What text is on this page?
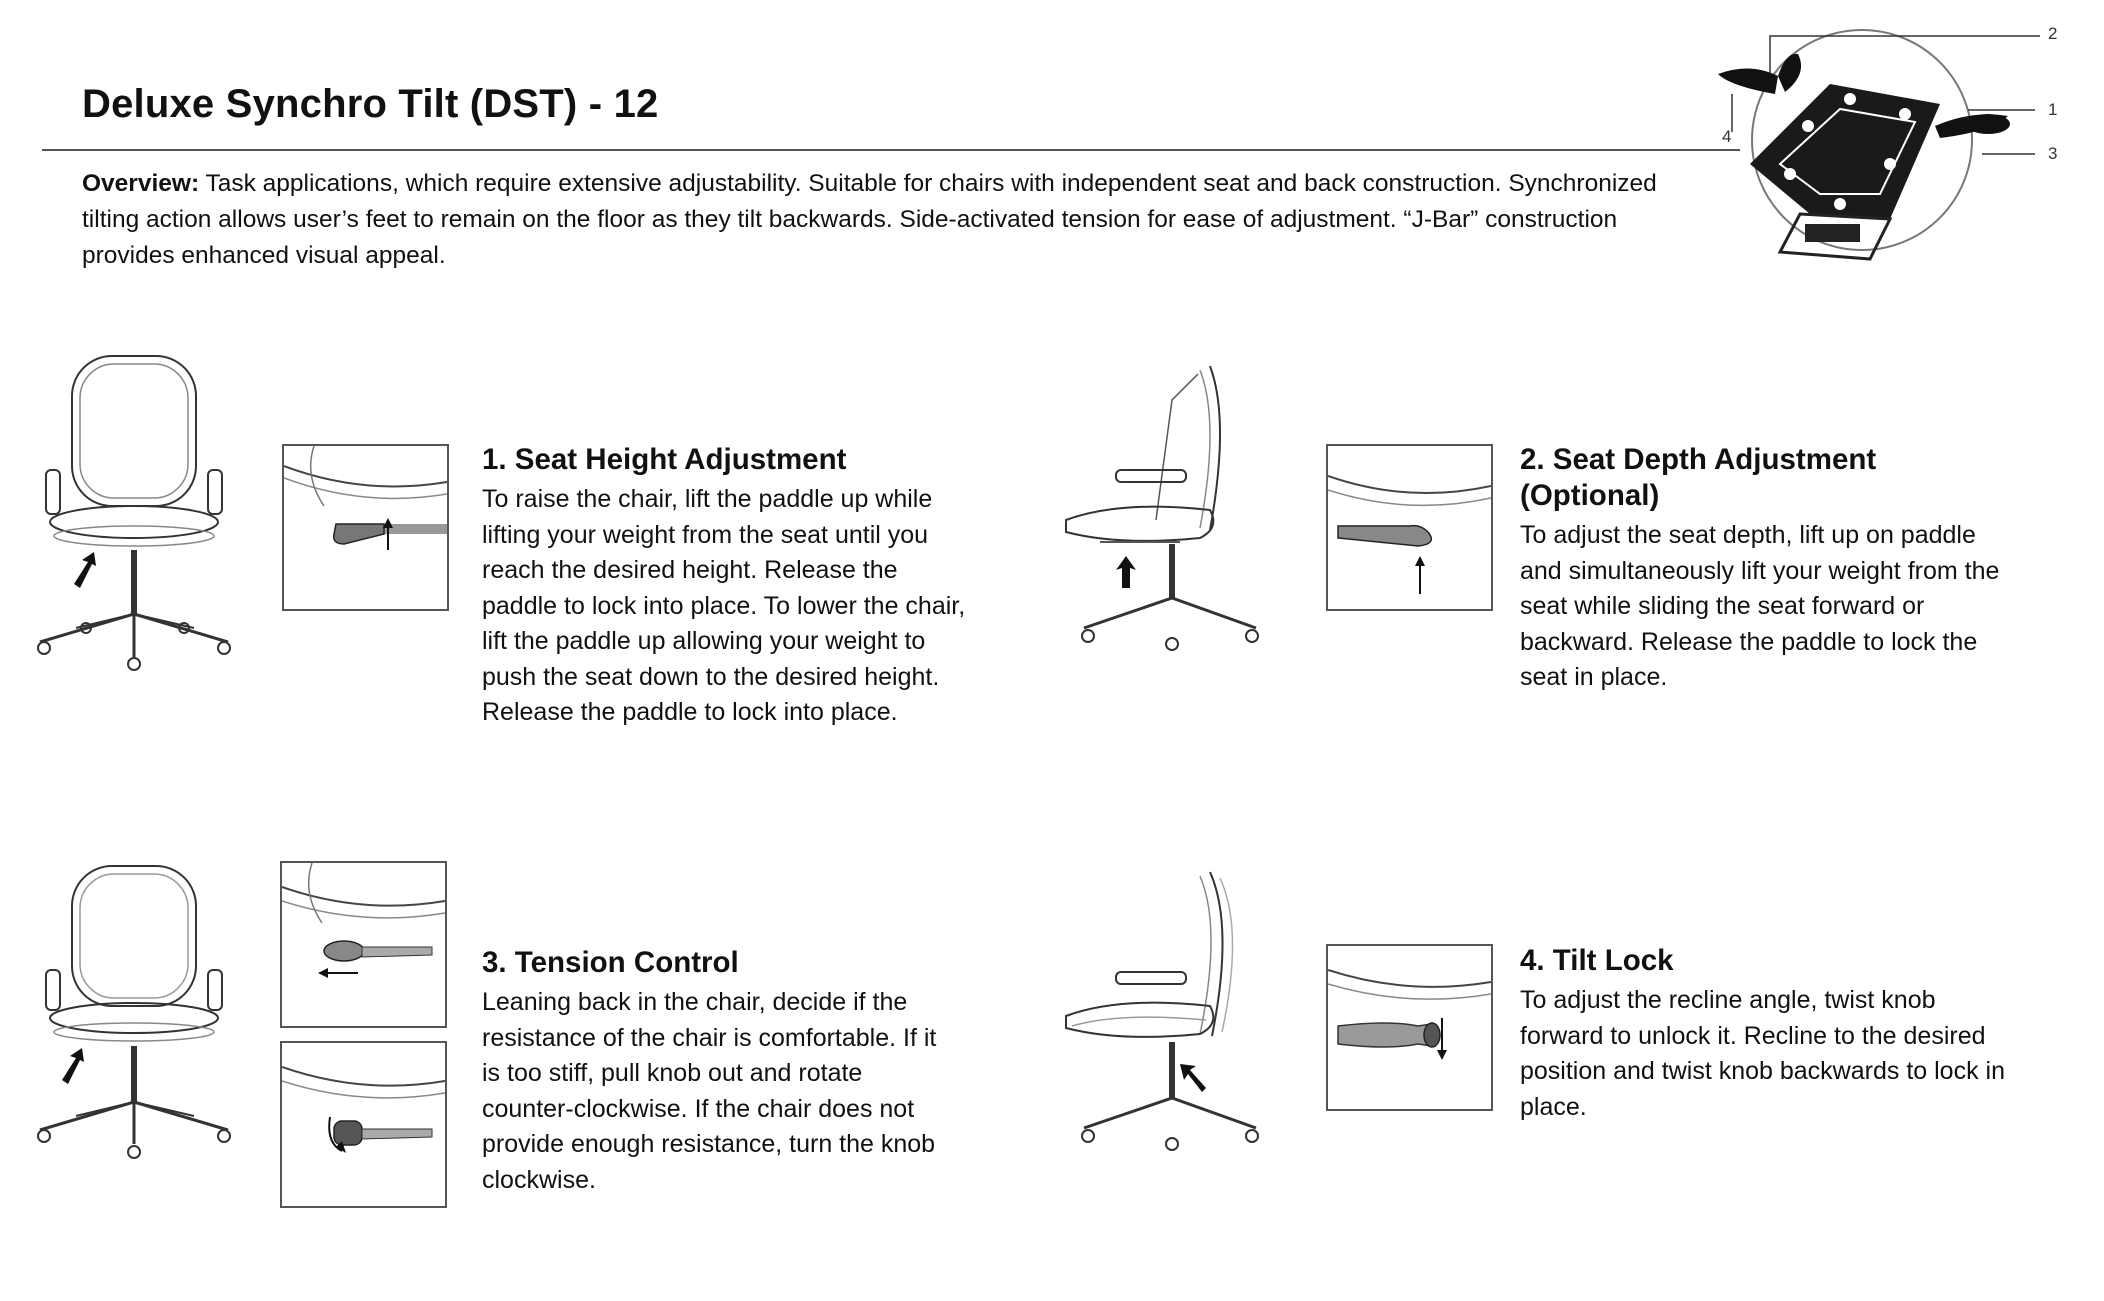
Deluxe Synchro Tilt (DST) - 12
2
1
3
4
Overview: Task applications, which require extensive adjustability. Suitable for chairs with independent seat and back construction. Synchronized tilting action allows user’s feet to remain on the floor as they tilt backwards. Side-activated tension for ease of adjustment. “J-Bar” construction provides enhanced visual appeal.
1. Seat Height Adjustment
To raise the chair, lift the paddle up while lifting your weight from the seat until you reach the desired height. Release the paddle to lock into place. To lower the chair, lift the paddle up allowing your weight to push the seat down to the desired height. Release the paddle to lock into place.
2. Seat Depth Adjustment (Optional)
To adjust the seat depth, lift up on paddle and simultaneously lift your weight from the seat while sliding the seat forward or backward. Release the paddle to lock the seat in place.
3. Tension Control
Leaning back in the chair, decide if the resistance of the chair is comfortable. If it is too stiff, pull knob out and rotate counter-clockwise. If the chair does not provide enough resistance, turn the knob clockwise.
4. Tilt Lock
To adjust the recline angle, twist knob forward to unlock it. Recline to the desired position and twist knob backwards to lock in place.
